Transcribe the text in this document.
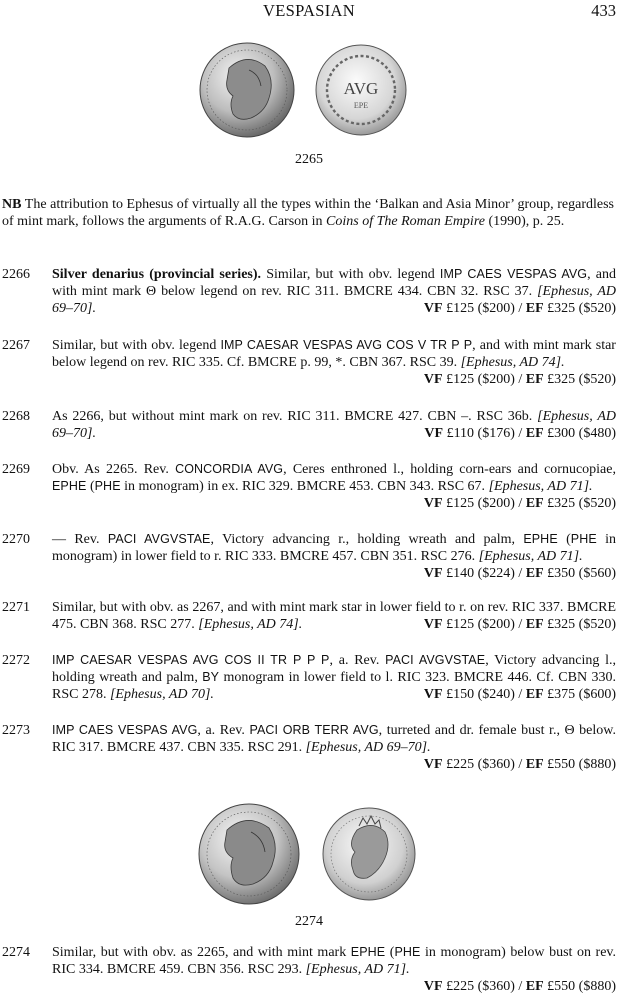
VESPASIAN	433
AVG
EPE
2265
NB The attribution to Ephesus of virtually all the types within the ‘Balkan and Asia Minor’ group, regardless of mint mark, follows the arguments of R.A.G. Carson in Coins of The Roman Empire (1990), p. 25.
2266	Silver denarius (provincial series). Similar, but with obv. legend IMP CAES VESPAS AVG, and with mint mark Θ below legend on rev. RIC 311. BMCRE 434. CBN 32. RSC 37. [Ephesus, AD 69–70].	VF £125 ($200) / EF £325 ($520)
2267	Similar, but with obv. legend IMP CAESAR VESPAS AVG COS V TR P P, and with mint mark star below legend on rev. RIC 335. Cf. BMCRE p. 99, *. CBN 367. RSC 39. [Ephesus, AD 74].
VF £125 ($200) / EF £325 ($520)
2268	As 2266, but without mint mark on rev. RIC 311. BMCRE 427. CBN –. RSC 36b. [Ephesus, AD 69–70].	VF £110 ($176) / EF £300 ($480)
2269	Obv. As 2265. Rev. CONCORDIA AVG, Ceres enthroned l., holding corn-ears and cornucopiae, EPHE (PHE in monogram) in ex. RIC 329. BMCRE 453. CBN 343. RSC 67. [Ephesus, AD 71].
VF £125 ($200) / EF £325 ($520)
2270	— Rev. PACI AVGVSTAE, Victory advancing r., holding wreath and palm, EPHE (PHE in monogram) in lower field to r. RIC 333. BMCRE 457. CBN 351. RSC 276. [Ephesus, AD 71].
VF £140 ($224) / EF £350 ($560)
2271	Similar, but with obv. as 2267, and with mint mark star in lower field to r. on rev. RIC 337. BMCRE 475. CBN 368. RSC 277. [Ephesus, AD 74].	VF £125 ($200) / EF £325 ($520)
2272	IMP CAESAR VESPAS AVG COS II TR P P P, a. Rev. PACI AVGVSTAE, Victory advancing l., holding wreath and palm, BY monogram in lower field to l. RIC 323. BMCRE 446. Cf. CBN 330. RSC 278. [Ephesus, AD 70].	VF £150 ($240) / EF £375 ($600)
2273	IMP CAES VESPAS AVG, a. Rev. PACI ORB TERR AVG, turreted and dr. female bust r., Θ below. RIC 317. BMCRE 437. CBN 335. RSC 291. [Ephesus, AD 69–70].
VF £225 ($360) / EF £550 ($880)
2274
2274	Similar, but with obv. as 2265, and with mint mark EPHE (PHE in monogram) below bust on rev. RIC 334. BMCRE 459. CBN 356. RSC 293. [Ephesus, AD 71].
VF £225 ($360) / EF £550 ($880)
